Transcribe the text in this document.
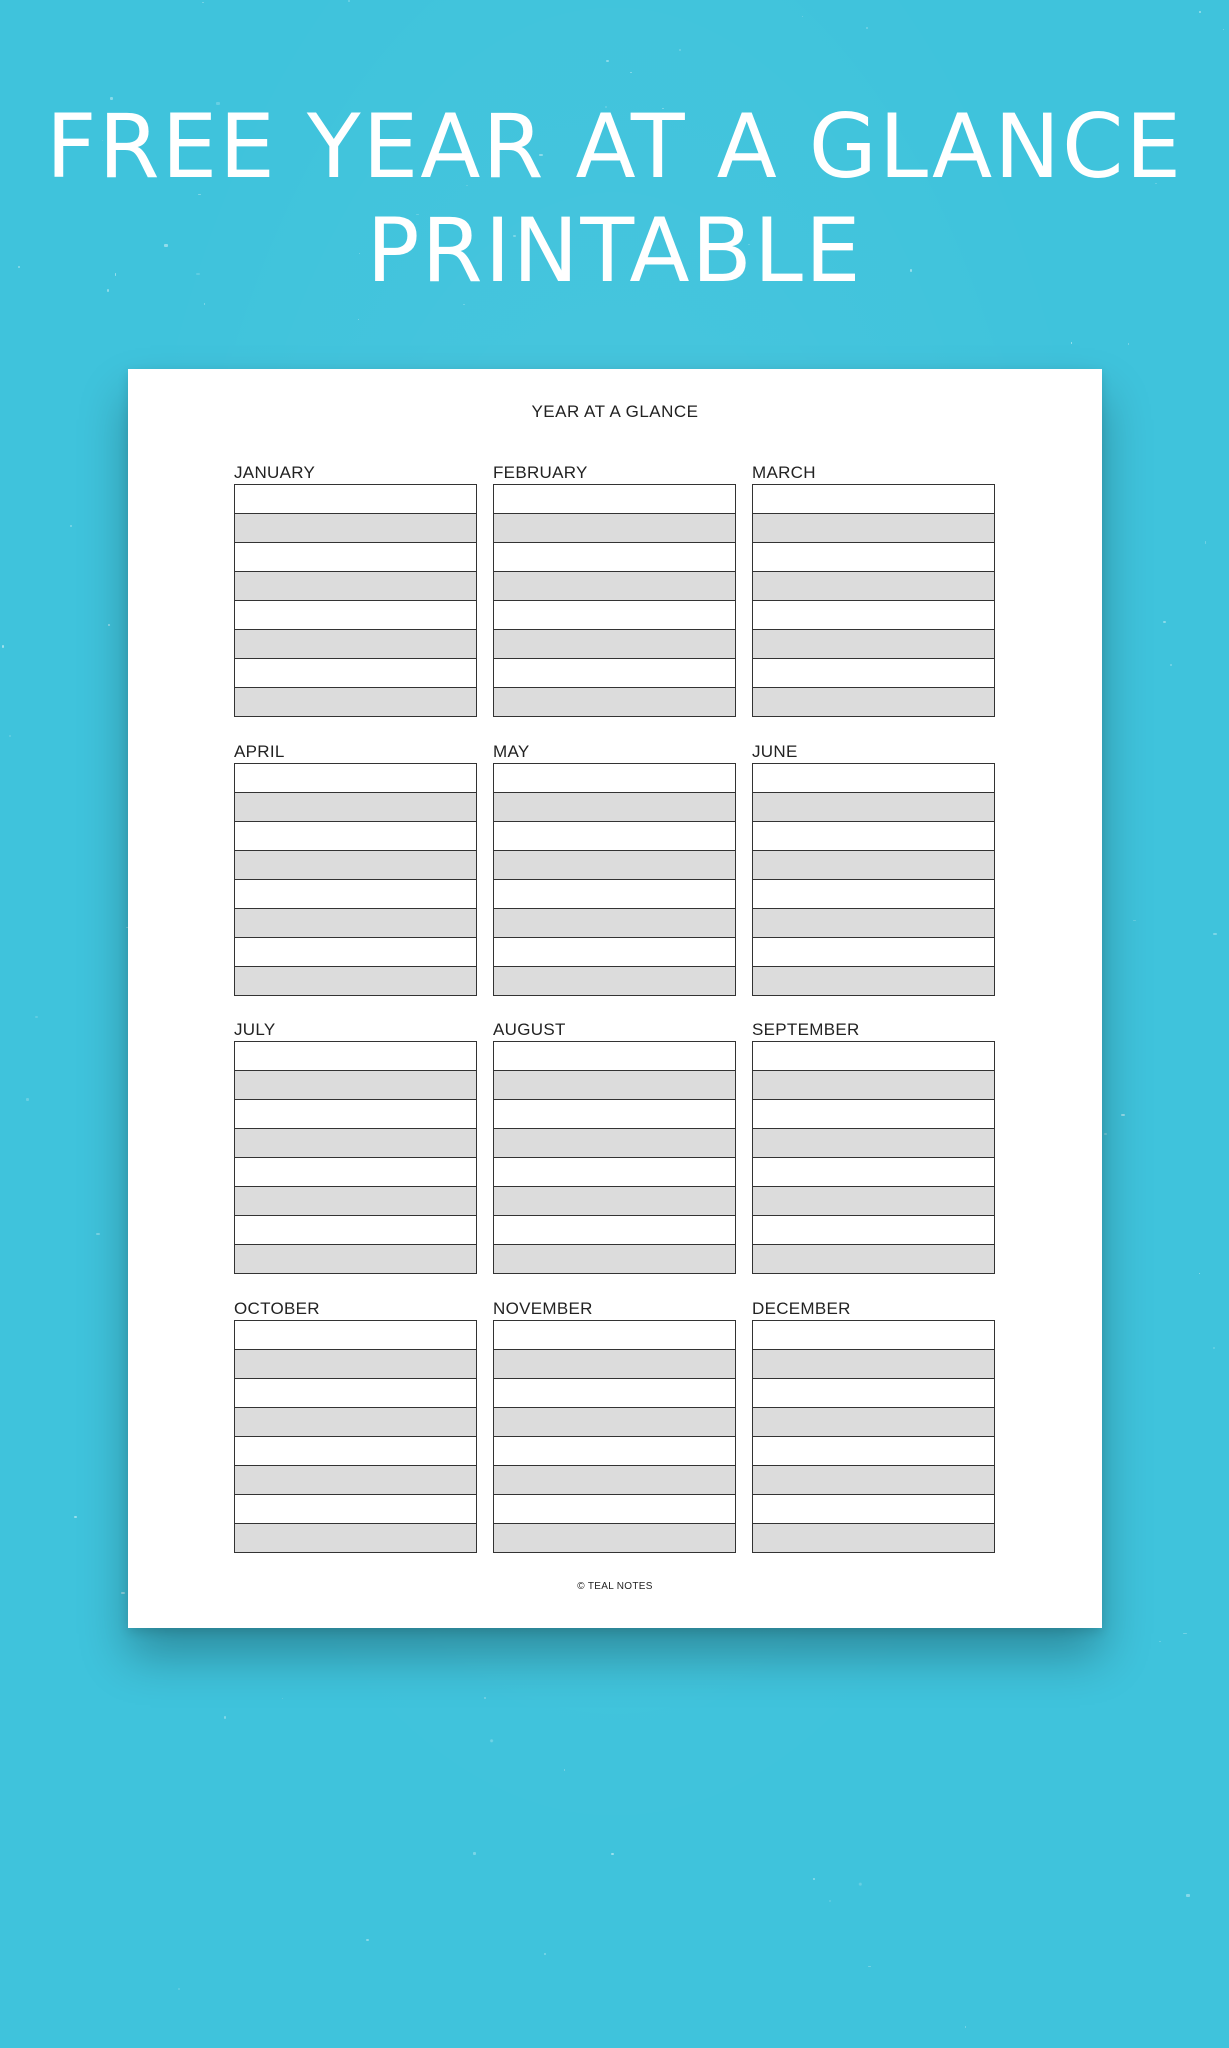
FREE YEAR AT A GLANCE
PRINTABLE
YEAR AT A GLANCE
JANUARY	FEBRUARY	MARCH
APRIL	MAY	JUNE
JULY	AUGUST	SEPTEMBER
OCTOBER	NOVEMBER	DECEMBER
© TEAL NOTES
